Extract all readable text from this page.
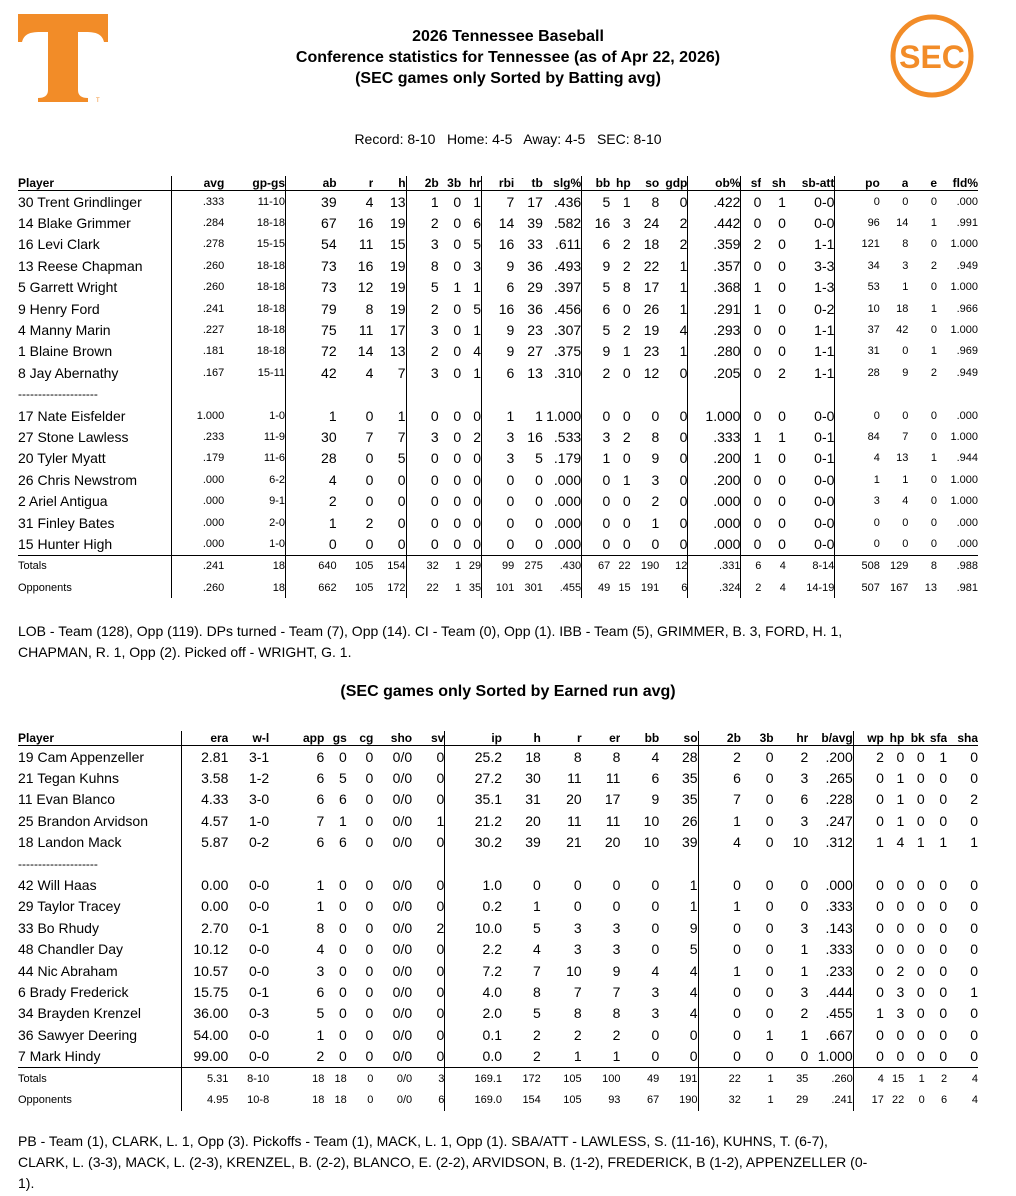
T
SEC
2026 Tennessee Baseball
Conference statistics for Tennessee (as of Apr 22, 2026)
(SEC games only Sorted by Batting avg)
Record: 8-10   Home: 4-5   Away: 4-5   SEC: 8-10
Player	avg	gp-gs	ab	r	h	2b	3b	hr	rbi	tb	slg%	bb	hp	so	gdp	ob%	sf	sh	sb-att	po	a	e	fld%
30 Trent Grindlinger	.333	11-10	39	4	13	1	0	1	7	17	.436	5	1	8	0	.422	0	1	0-0	0	0	0	.000
14 Blake Grimmer	.284	18-18	67	16	19	2	0	6	14	39	.582	16	3	24	2	.442	0	0	0-0	96	14	1	.991
16 Levi Clark	.278	15-15	54	11	15	3	0	5	16	33	.611	6	2	18	2	.359	2	0	1-1	121	8	0	1.000
13 Reese Chapman	.260	18-18	73	16	19	8	0	3	9	36	.493	9	2	22	1	.357	0	0	3-3	34	3	2	.949
5 Garrett Wright	.260	18-18	73	12	19	5	1	1	6	29	.397	5	8	17	1	.368	1	0	1-3	53	1	0	1.000
9 Henry Ford	.241	18-18	79	8	19	2	0	5	16	36	.456	6	0	26	1	.291	1	0	0-2	10	18	1	.966
4 Manny Marin	.227	18-18	75	11	17	3	0	1	9	23	.307	5	2	19	4	.293	0	0	1-1	37	42	0	1.000
1 Blaine Brown	.181	18-18	72	14	13	2	0	4	9	27	.375	9	1	23	1	.280	0	0	1-1	31	0	1	.969
8 Jay Abernathy	.167	15-11	42	4	7	3	0	1	6	13	.310	2	0	12	0	.205	0	2	1-1	28	9	2	.949
--------------------																							
17 Nate Eisfelder	1.000	1-0	1	0	1	0	0	0	1	1	1.000	0	0	0	0	1.000	0	0	0-0	0	0	0	.000
27 Stone Lawless	.233	11-9	30	7	7	3	0	2	3	16	.533	3	2	8	0	.333	1	1	0-1	84	7	0	1.000
20 Tyler Myatt	.179	11-6	28	0	5	0	0	0	3	5	.179	1	0	9	0	.200	1	0	0-1	4	13	1	.944
26 Chris Newstrom	.000	6-2	4	0	0	0	0	0	0	0	.000	0	1	3	0	.200	0	0	0-0	1	1	0	1.000
2 Ariel Antigua	.000	9-1	2	0	0	0	0	0	0	0	.000	0	0	2	0	.000	0	0	0-0	3	4	0	1.000
31 Finley Bates	.000	2-0	1	2	0	0	0	0	0	0	.000	0	0	1	0	.000	0	0	0-0	0	0	0	.000
15 Hunter High	.000	1-0	0	0	0	0	0	0	0	0	.000	0	0	0	0	.000	0	0	0-0	0	0	0	.000
Totals	.241	18	640	105	154	32	1	29	99	275	.430	67	22	190	12	.331	6	4	8-14	508	129	8	.988
Opponents	.260	18	662	105	172	22	1	35	101	301	.455	49	15	191	6	.324	2	4	14-19	507	167	13	.981
LOB - Team (128), Opp (119). DPs turned - Team (7), Opp (14). CI - Team (0), Opp (1). IBB - Team (5), GRIMMER, B. 3, FORD, H. 1, CHAPMAN, R. 1, Opp (2). Picked off - WRIGHT, G. 1.
(SEC games only Sorted by Earned run avg)
Player	era	w-l	app	gs	cg	sho	sv	ip	h	r	er	bb	so	2b	3b	hr	b/avg	wp	hp	bk	sfa	sha
19 Cam Appenzeller	2.81	3-1	6	0	0	0/0	0	25.2	18	8	8	4	28	2	0	2	.200	2	0	0	1	0
21 Tegan Kuhns	3.58	1-2	6	5	0	0/0	0	27.2	30	11	11	6	35	6	0	3	.265	0	1	0	0	0
11 Evan Blanco	4.33	3-0	6	6	0	0/0	0	35.1	31	20	17	9	35	7	0	6	.228	0	1	0	0	2
25 Brandon Arvidson	4.57	1-0	7	1	0	0/0	1	21.2	20	11	11	10	26	1	0	3	.247	0	1	0	0	0
18 Landon Mack	5.87	0-2	6	6	0	0/0	0	30.2	39	21	20	10	39	4	0	10	.312	1	4	1	1	1
--------------------																						
42 Will Haas	0.00	0-0	1	0	0	0/0	0	1.0	0	0	0	0	1	0	0	0	.000	0	0	0	0	0
29 Taylor Tracey	0.00	0-0	1	0	0	0/0	0	0.2	1	0	0	0	1	1	0	0	.333	0	0	0	0	0
33 Bo Rhudy	2.70	0-1	8	0	0	0/0	2	10.0	5	3	3	0	9	0	0	3	.143	0	0	0	0	0
48 Chandler Day	10.12	0-0	4	0	0	0/0	0	2.2	4	3	3	0	5	0	0	1	.333	0	0	0	0	0
44 Nic Abraham	10.57	0-0	3	0	0	0/0	0	7.2	7	10	9	4	4	1	0	1	.233	0	2	0	0	0
6 Brady Frederick	15.75	0-1	6	0	0	0/0	0	4.0	8	7	7	3	4	0	0	3	.444	0	3	0	0	1
34 Brayden Krenzel	36.00	0-3	5	0	0	0/0	0	2.0	5	8	8	3	4	0	0	2	.455	1	3	0	0	0
36 Sawyer Deering	54.00	0-0	1	0	0	0/0	0	0.1	2	2	2	0	0	0	1	1	.667	0	0	0	0	0
7 Mark Hindy	99.00	0-0	2	0	0	0/0	0	0.0	2	1	1	0	0	0	0	0	1.000	0	0	0	0	0
Totals	5.31	8-10	18	18	0	0/0	3	169.1	172	105	100	49	191	22	1	35	.260	4	15	1	2	4
Opponents	4.95	10-8	18	18	0	0/0	6	169.0	154	105	93	67	190	32	1	29	.241	17	22	0	6	4
PB - Team (1), CLARK, L. 1, Opp (3). Pickoffs - Team (1), MACK, L. 1, Opp (1). SBA/ATT - LAWLESS, S. (11-16), KUHNS, T. (6-7), CLARK, L. (3-3), MACK, L. (2-3), KRENZEL, B. (2-2), BLANCO, E. (2-2), ARVIDSON, B. (1-2), FREDERICK, B (1-2), APPENZELLER (0-1).
